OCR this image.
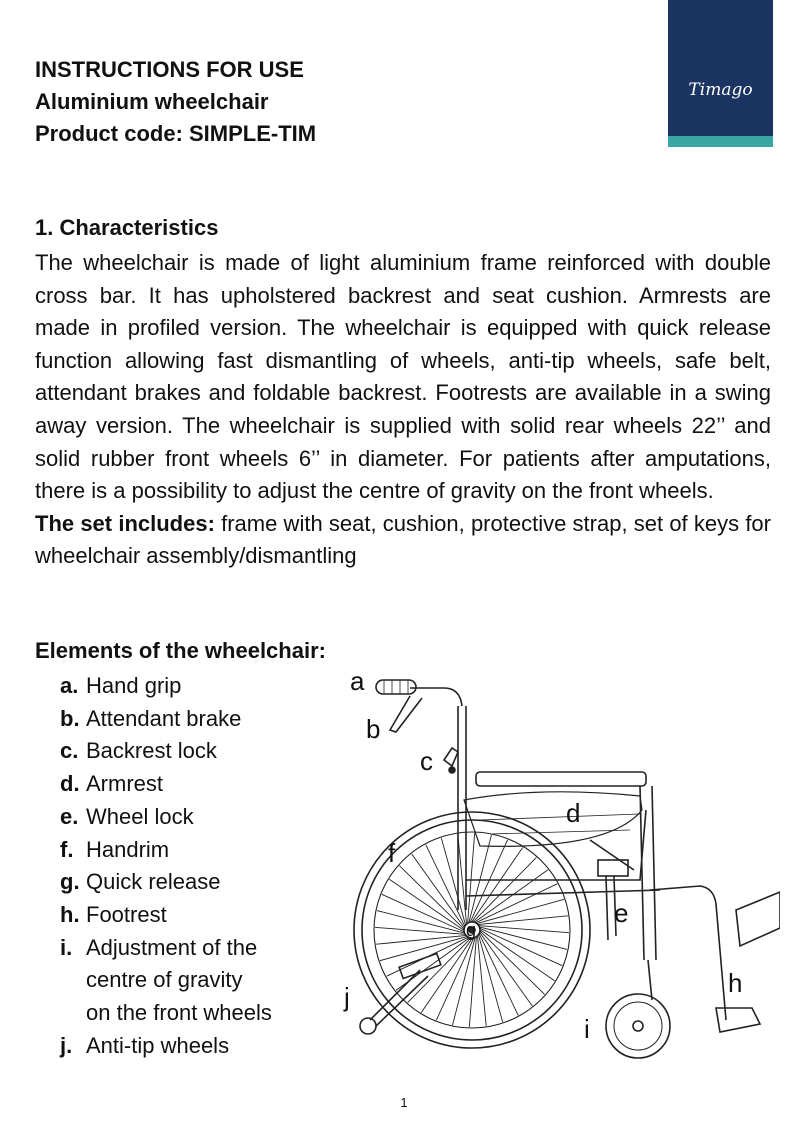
INSTRUCTIONS FOR USE
Aluminium wheelchair
Product code: SIMPLE-TIM
Timago
1. Characteristics

The wheelchair is made of light aluminium frame reinforced with double cross bar. It has upholstered backrest and seat cushion. Armrests are made in profiled version. The wheelchair is equipped with quick release function allowing fast dismantling of wheels, anti-tip wheels, safe belt, attendant brakes and foldable backrest. Footrests are available in a swing away version. The wheelchair is supplied with solid rear wheels 22’’ and solid rubber front wheels 6’’ in diameter. For patients after amputations, there is a possibility to adjust the centre of gravity on the front wheels.

The set includes: frame with seat, cushion, protective strap, set of keys for wheelchair assembly/dismantling

Elements of the wheelchair:
a. Hand grip
b. Attendant brake
c. Backrest lock
d. Armrest
e. Wheel lock
f. Handrim
g. Quick release
h. Footrest
i. Adjustment of the
centre of gravity
on the front wheels
j. Anti-tip wheels
a
b
c
d
e
f
g
h
i
j
1
